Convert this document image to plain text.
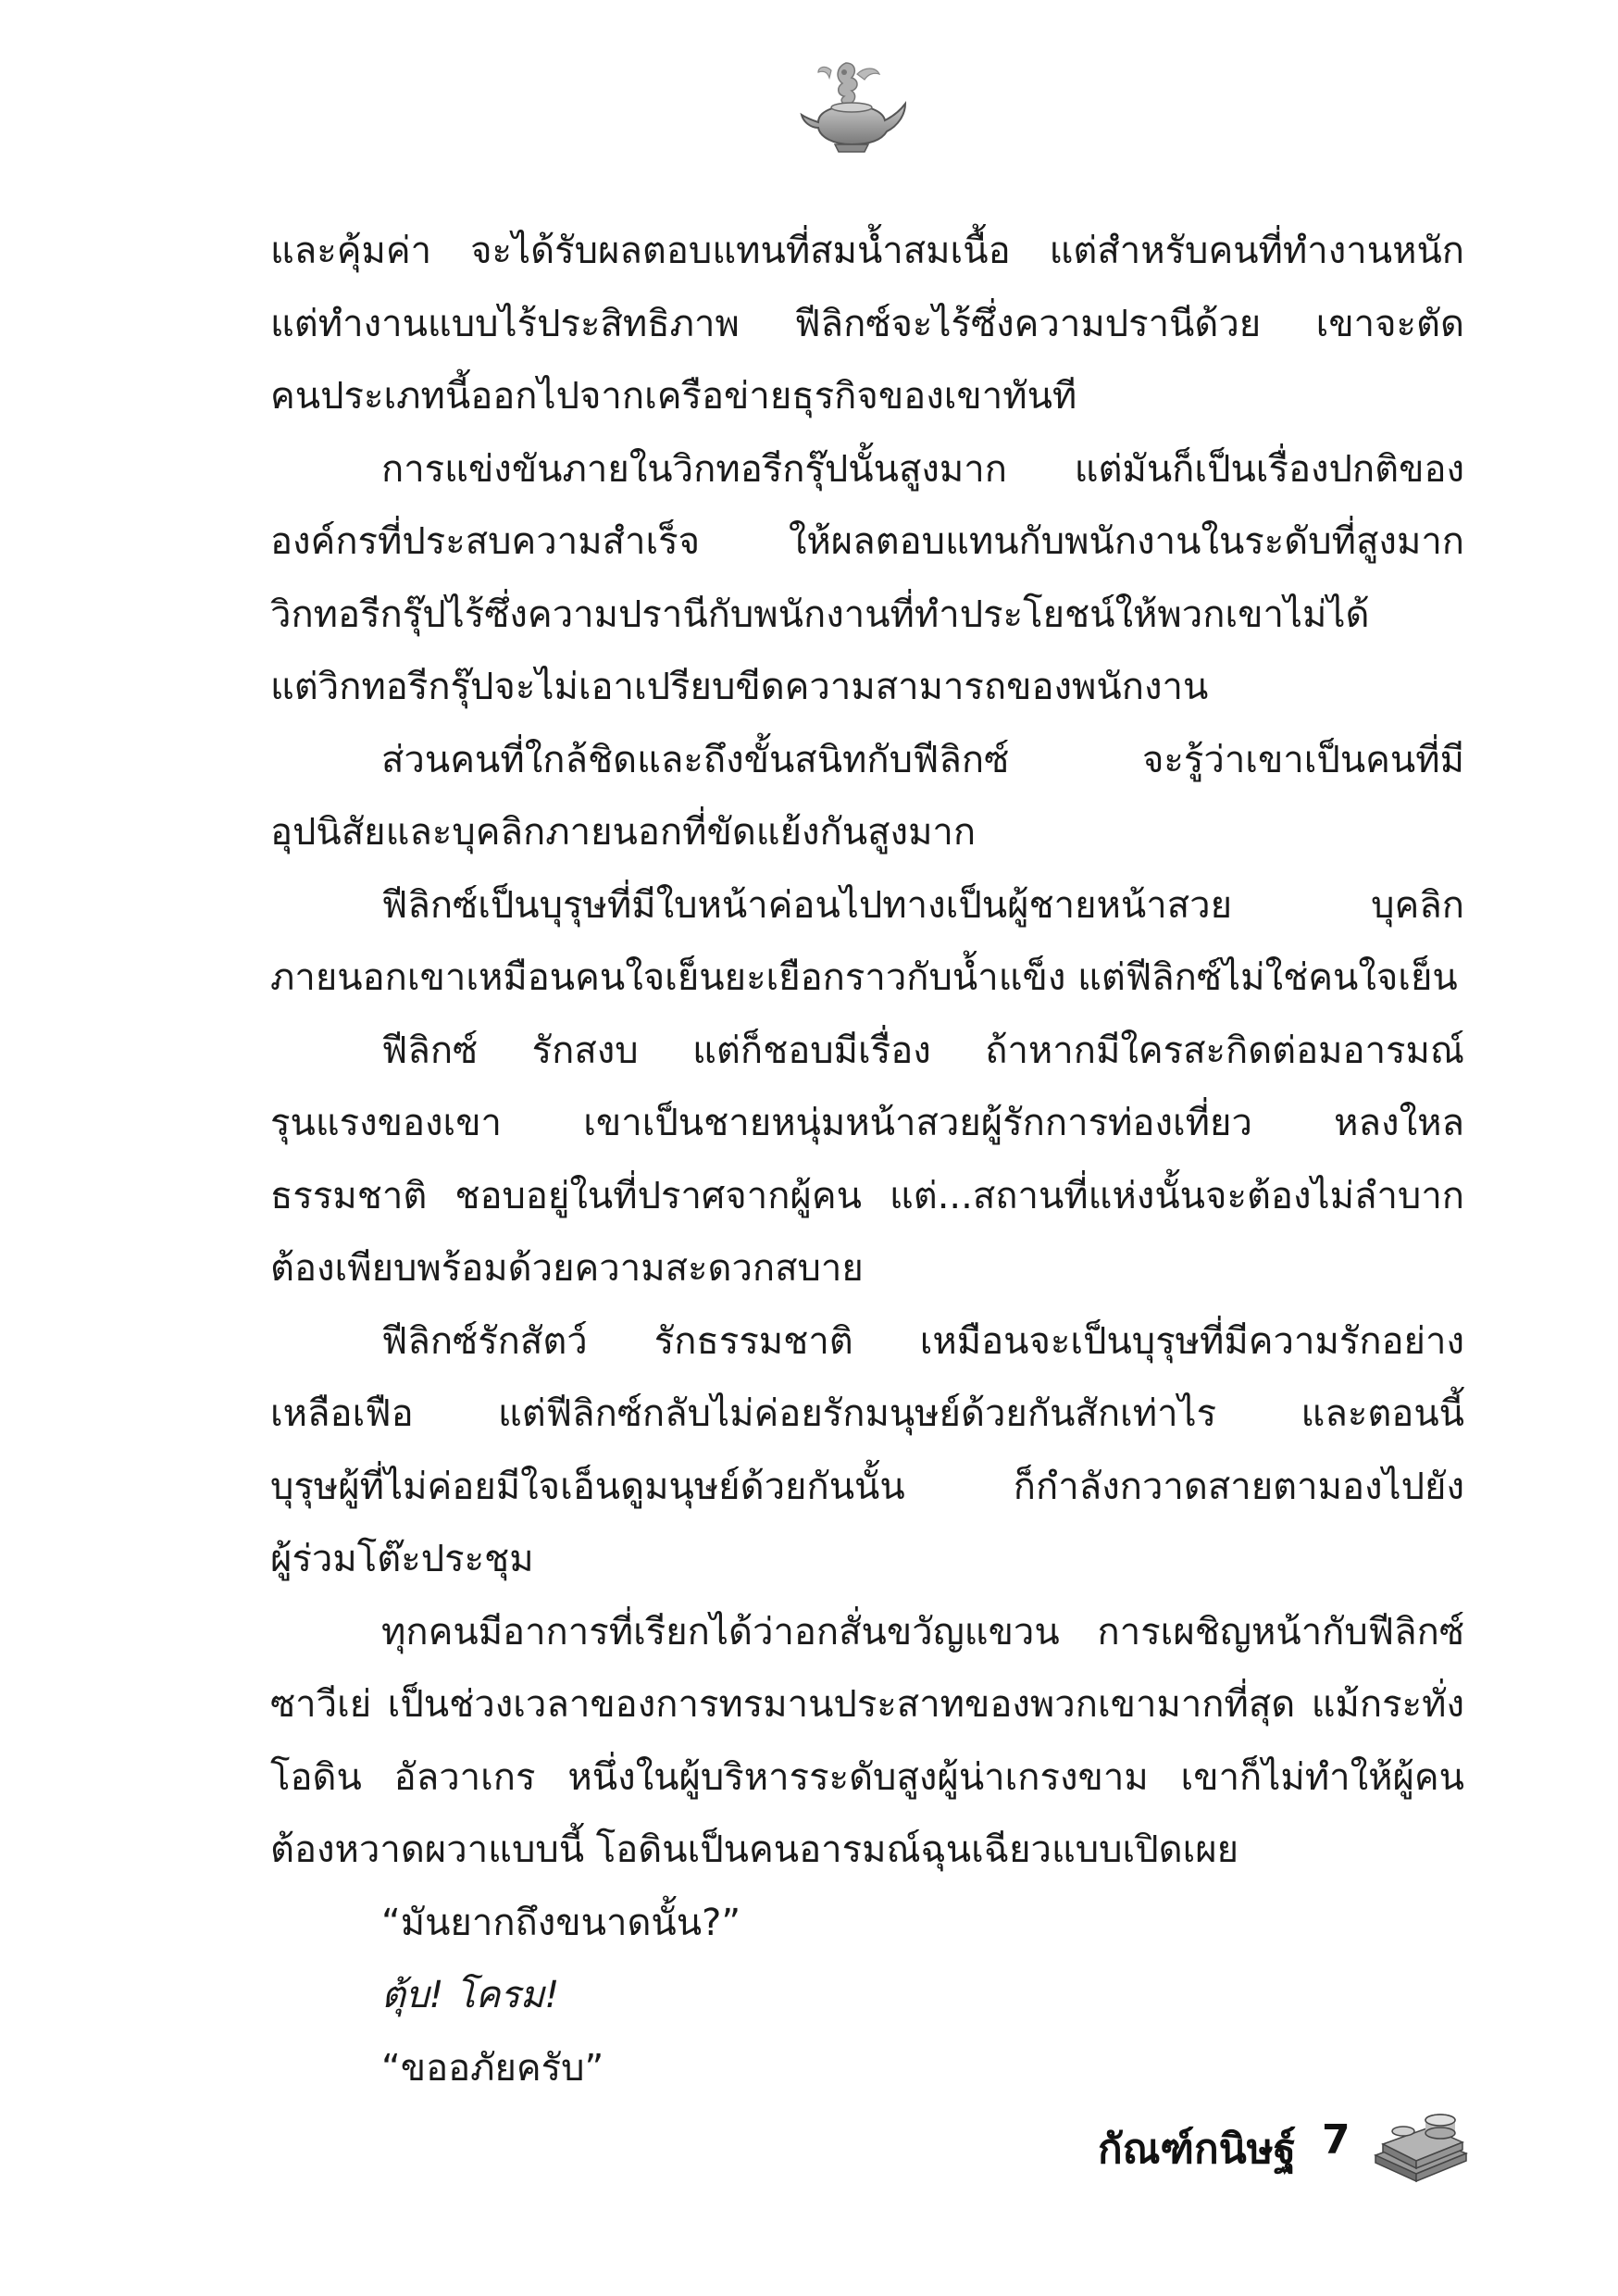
และคุ้มค่า จะได้รับผลตอบแทนที่สมน้ำสมเนื้อ แต่สำหรับคนที่ทำงานหนัก
แต่ทำงานแบบไร้ประสิทธิภาพ ฟีลิกซ์จะไร้ซึ่งความปรานีด้วย เขาจะตัด
คนประเภทนี้ออกไปจากเครือข่ายธุรกิจของเขาทันที
การแข่งขันภายในวิกทอรีกรุ๊ปนั้นสูงมาก แต่มันก็เป็นเรื่องปกติของ
องค์กรที่ประสบความสำเร็จ ให้ผลตอบแทนกับพนักงานในระดับที่สูงมาก
วิกทอรีกรุ๊ปไร้ซึ่งความปรานีกับพนักงานที่ทำประโยชน์ให้พวกเขาไม่ได้
แต่วิกทอรีกรุ๊ปจะไม่เอาเปรียบขีดความสามารถของพนักงาน
ส่วนคนที่ใกล้ชิดและถึงขั้นสนิทกับฟีลิกซ์ จะรู้ว่าเขาเป็นคนที่มี
อุปนิสัยและบุคลิกภายนอกที่ขัดแย้งกันสูงมาก
ฟีลิกซ์เป็นบุรุษที่มีใบหน้าค่อนไปทางเป็นผู้ชายหน้าสวย บุคลิก
ภายนอกเขาเหมือนคนใจเย็นยะเยือกราวกับน้ำแข็ง แต่ฟีลิกซ์ไม่ใช่คนใจเย็น
ฟีลิกซ์ รักสงบ แต่ก็ชอบมีเรื่อง ถ้าหากมีใครสะกิดต่อมอารมณ์
รุนแรงของเขา เขาเป็นชายหนุ่มหน้าสวยผู้รักการท่องเที่ยว หลงใหล
ธรรมชาติ ชอบอยู่ในที่ปราศจากผู้คน แต่...สถานที่แห่งนั้นจะต้องไม่ลำบาก
ต้องเพียบพร้อมด้วยความสะดวกสบาย
ฟีลิกซ์รักสัตว์ รักธรรมชาติ เหมือนจะเป็นบุรุษที่มีความรักอย่าง
เหลือเฟือ แต่ฟีลิกซ์กลับไม่ค่อยรักมนุษย์ด้วยกันสักเท่าไร และตอนนี้
บุรุษผู้ที่ไม่ค่อยมีใจเอ็นดูมนุษย์ด้วยกันนั้น ก็กำลังกวาดสายตามองไปยัง
ผู้ร่วมโต๊ะประชุม
ทุกคนมีอาการที่เรียกได้ว่าอกสั่นขวัญแขวน การเผชิญหน้ากับฟีลิกซ์
ซาวีเย่ เป็นช่วงเวลาของการทรมานประสาทของพวกเขามากที่สุด แม้กระทั่ง
โอดิน อัลวาเกร หนึ่งในผู้บริหารระดับสูงผู้น่าเกรงขาม เขาก็ไม่ทำให้ผู้คน
ต้องหวาดผวาแบบนี้ โอดินเป็นคนอารมณ์ฉุนเฉียวแบบเปิดเผย
“มันยากถึงขนาดนั้น?”
ตุ้บ! โครม!
“ขออภัยครับ”
กัณฑ์กนิษฐ์ 7
